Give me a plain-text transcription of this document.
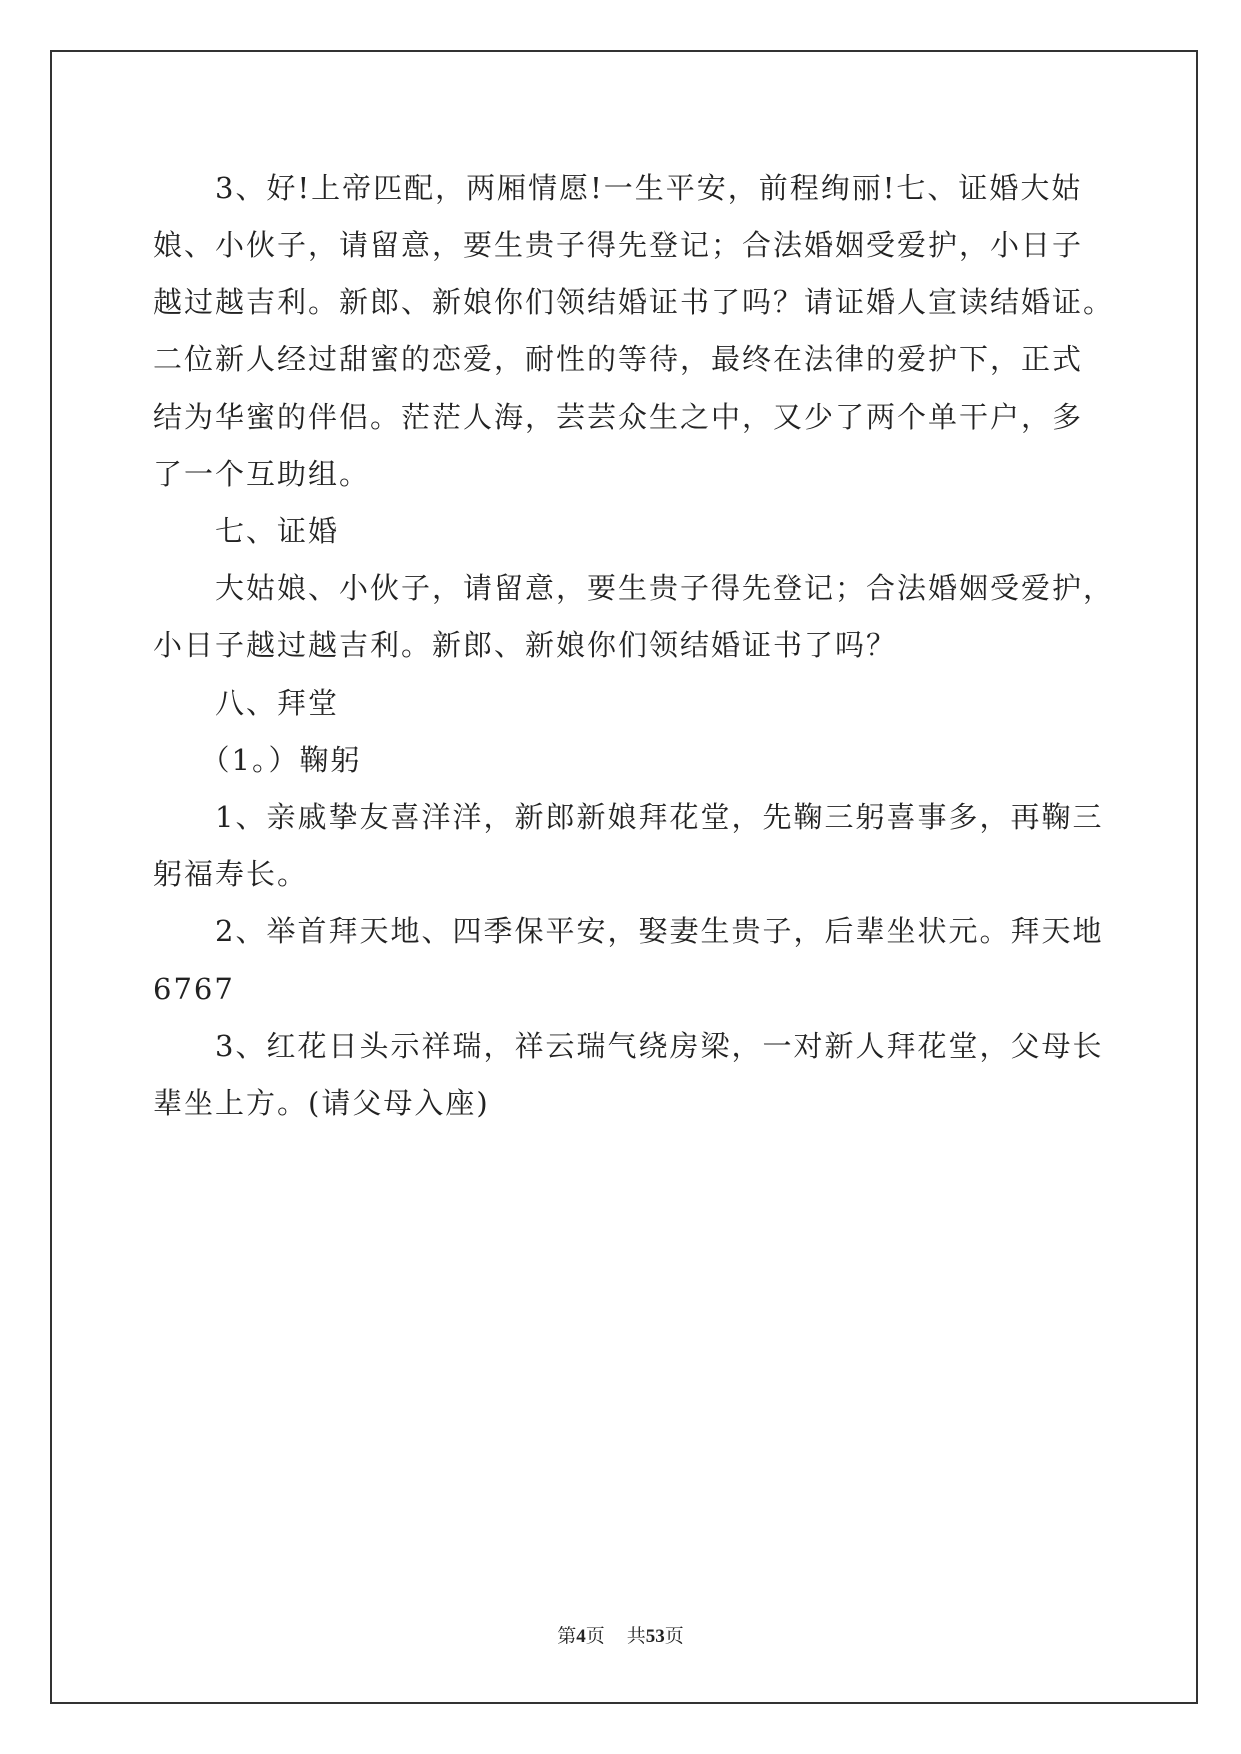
　　3、好!上帝匹配，两厢情愿!一生平安，前程绚丽!七、证婚大姑
娘、小伙子，请留意，要生贵子得先登记；合法婚姻受爱护，小日子
越过越吉利。新郎、新娘你们领结婚证书了吗？请证婚人宣读结婚证。
二位新人经过甜蜜的恋爱，耐性的等待，最终在法律的爱护下，正式
结为华蜜的伴侣。茫茫人海，芸芸众生之中，又少了两个单干户，多
了一个互助组。
　　七、证婚
　　大姑娘、小伙子，请留意，要生贵子得先登记；合法婚姻受爱护，
小日子越过越吉利。新郎、新娘你们领结婚证书了吗？
　　八、拜堂
　　（1。）鞠躬
　　1、亲戚挚友喜洋洋，新郎新娘拜花堂，先鞠三躬喜事多，再鞠三
躬福寿长。
　　2、举首拜天地、四季保平安，娶妻生贵子，后辈坐状元。拜天地
6767
　　3、红花日头示祥瑞，祥云瑞气绕房梁，一对新人拜花堂，父母长
辈坐上方。(请父母入座)
第4页 共53页
